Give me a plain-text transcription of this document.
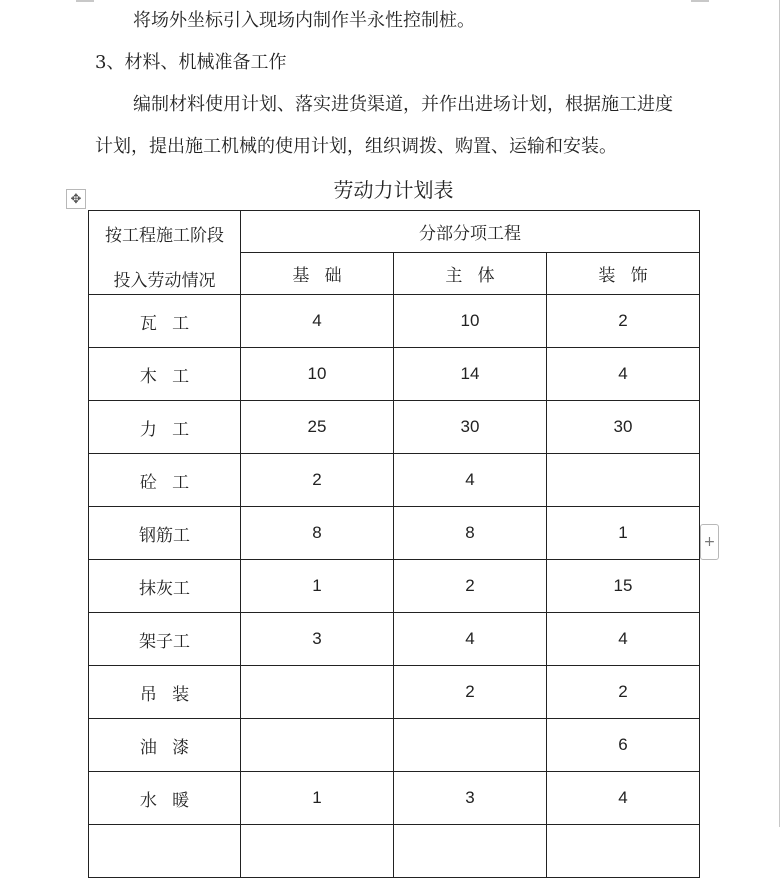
将场外坐标引入现场内制作半永性控制桩。
3、材料、机械准备工作
编制材料使用计划、落实进货渠道，并作出进场计划，根据施工进度
计划，提出施工机械的使用计划，组织调拨、购置、运输和安装。
✥	劳动力计划表
按工程施工阶段
投入劳动情况	分部分项工程		
	基础	主体	装饰
瓦工	4	10	2
木工	10	14	4
力工	25	30	30
砼工	2	4	
钢筋工	8	8	1
抹灰工	1	2	15
架子工	3	4	4
吊装		2	2
油漆			6
水暖	1	3	4

+
